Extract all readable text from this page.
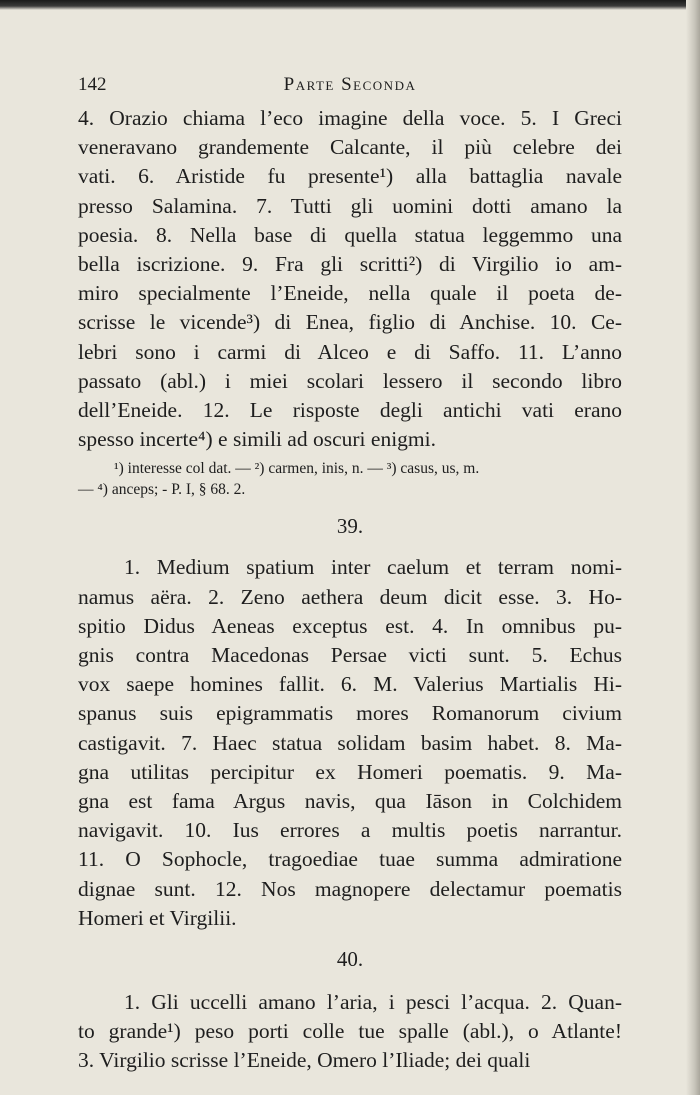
142	Parte Seconda

4. Orazio chiama l’eco imagine della voce. 5. I Greci
veneravano grandemente Calcante, il più celebre dei
vati. 6. Aristide fu presente¹) alla battaglia navale
presso Salamina. 7. Tutti gli uomini dotti amano la
poesia. 8. Nella base di quella statua leggemmo una
bella iscrizione. 9. Fra gli scritti²) di Virgilio io am-
miro specialmente l’Eneide, nella quale il poeta de-
scrisse le vicende³) di Enea, figlio di Anchise. 10. Ce-
lebri sono i carmi di Alceo e di Saffo. 11. L’anno
passato (abl.) i miei scolari lessero il secondo libro
dell’Eneide. 12. Le risposte degli antichi vati erano
spesso incerte⁴) e simili ad oscuri enigmi.

¹) interesse col dat. — ²) carmen, inis, n. — ³) casus, us, m.
— ⁴) anceps; - P. I, § 68. 2.

39.

1. Medium spatium inter caelum et terram nomi-
namus aëra. 2. Zeno aethera deum dicit esse. 3. Ho-
spitio Didus Aeneas exceptus est. 4. In omnibus pu-
gnis contra Macedonas Persae victi sunt. 5. Echus
vox saepe homines fallit. 6. M. Valerius Martialis Hi-
spanus suis epigrammatis mores Romanorum civium
castigavit. 7. Haec statua solidam basim habet. 8. Ma-
gna utilitas percipitur ex Homeri poematis. 9. Ma-
gna est fama Argus navis, qua Iāson in Colchidem
navigavit. 10. Ius errores a multis poetis narrantur.
11. O Sophocle, tragoediae tuae summa admiratione
dignae sunt. 12. Nos magnopere delectamur poematis
Homeri et Virgilii.

40.

1. Gli uccelli amano l’aria, i pesci l’acqua. 2. Quan-
to grande¹) peso porti colle tue spalle (abl.), o Atlante!
3. Virgilio scrisse l’Eneide, Omero l’Iliade; dei quali
